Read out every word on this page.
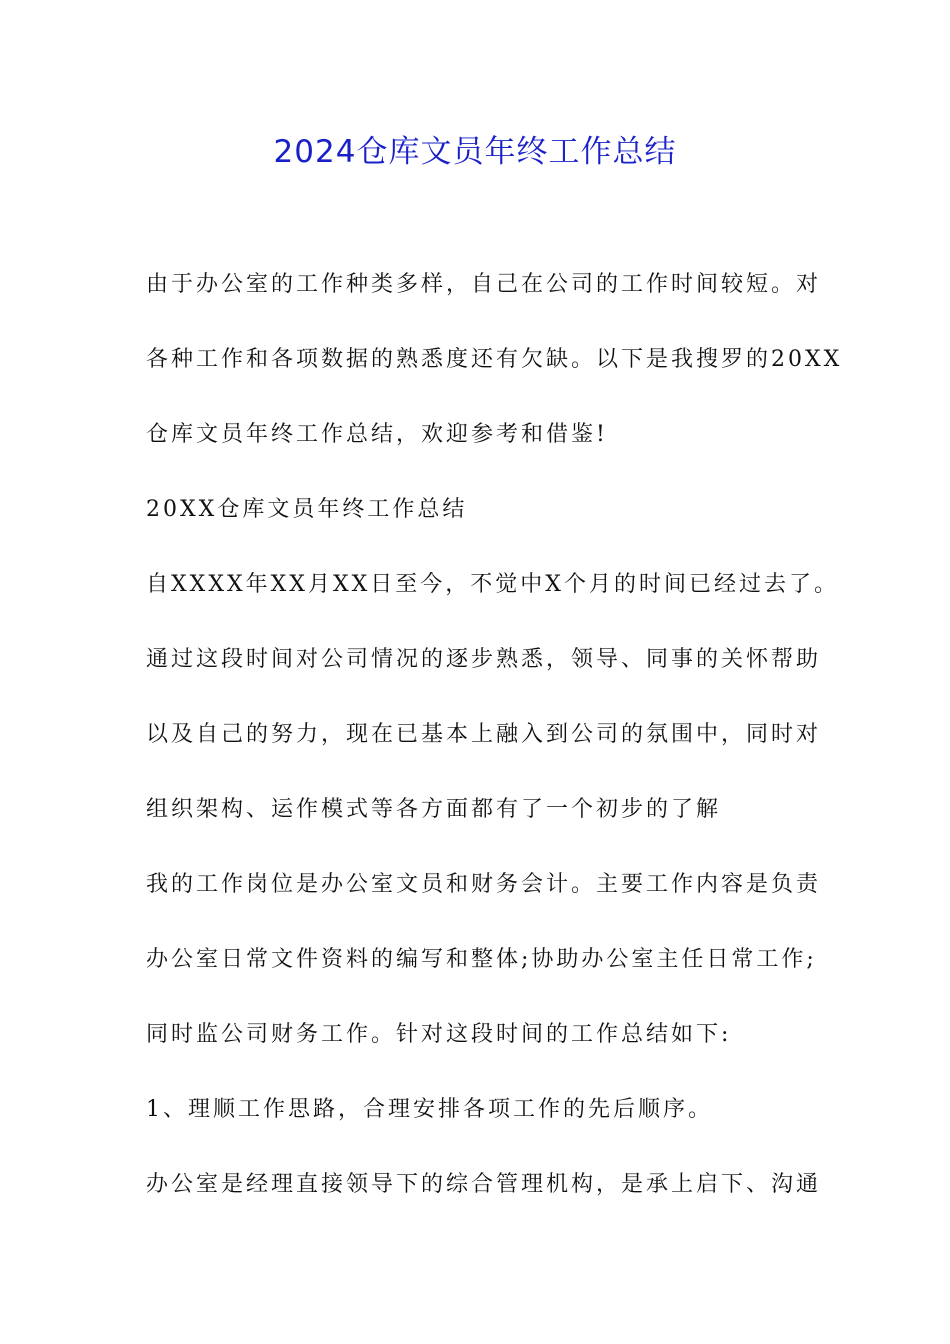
2024仓库文员年终工作总结

由于办公室的工作种类多样，自己在公司的工作时间较短。对

各种工作和各项数据的熟悉度还有欠缺。以下是我搜罗的20XX

仓库文员年终工作总结，欢迎参考和借鉴!

20XX仓库文员年终工作总结

自XXXX年XX月XX日至今，不觉中X个月的时间已经过去了。

通过这段时间对公司情况的逐步熟悉，领导、同事的关怀帮助

以及自己的努力，现在已基本上融入到公司的氛围中，同时对

组织架构、运作模式等各方面都有了一个初步的了解

我的工作岗位是办公室文员和财务会计。主要工作内容是负责

办公室日常文件资料的编写和整体;协助办公室主任日常工作;

同时监公司财务工作。针对这段时间的工作总结如下:

1、理顺工作思路，合理安排各项工作的先后顺序。

办公室是经理直接领导下的综合管理机构，是承上启下、沟通
